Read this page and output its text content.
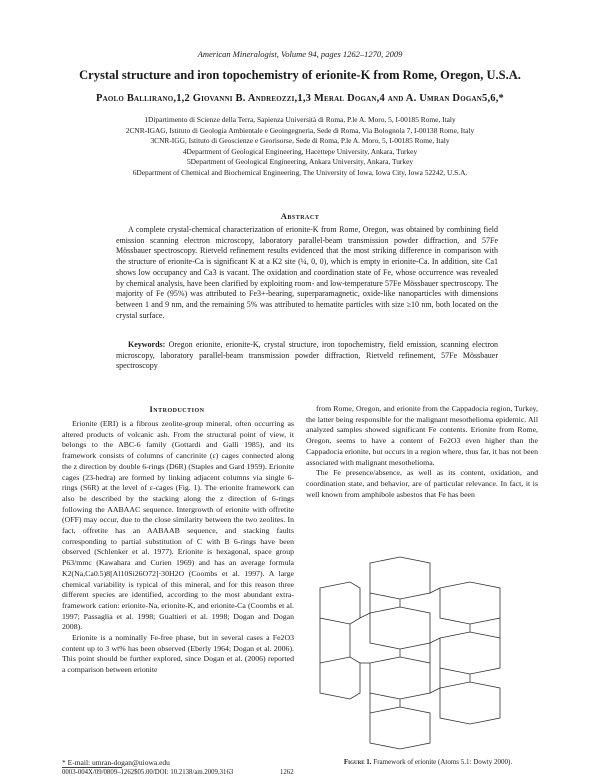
American Mineralogist, Volume 94, pages 1262–1270, 2009
Crystal structure and iron topochemistry of erionite-K from Rome, Oregon, U.S.A.
Paolo Ballirano,1,2 Giovanni B. Andreozzi,1,3 Meral Dogan,4 and A. Umran Dogan5,6,*
1Dipartimento di Scienze della Terra, Sapienza Università di Roma, P.le A. Moro, 5, I-00185 Rome, Italy
2CNR-IGAG, Istituto di Geologia Ambientale e Geoingegneria, Sede di Roma, Via Bolognola 7, I-00138 Rome, Italy
3CNR-IGG, Istituto di Geoscienze e Georisorse, Sede di Roma, P.le A. Moro, 5, I-00185 Rome, Italy
4Department of Geological Engineering, Hacettepe University, Ankara, Turkey
5Department of Geological Engineering, Ankara University, Ankara, Turkey
6Department of Chemical and Biochemical Engineering, The University of Iowa, Iowa City, Iowa 52242, U.S.A.
Abstract

A complete crystal-chemical characterization of erionite-K from Rome, Oregon, was obtained by combining field emission scanning electron microscopy, laboratory parallel-beam transmission powder diffraction, and 57Fe Mössbauer spectroscopy. Rietveld refinement results evidenced that the most striking difference in comparison with the structure of erionite-Ca is significant K at a K2 site (¼, 0, 0), which is empty in erionite-Ca. In addition, site Ca1 shows low occupancy and Ca3 is vacant. The oxidation and coordination state of Fe, whose occurrence was revealed by chemical analysis, have been clarified by exploiting room- and low-temperature 57Fe Mössbauer spectroscopy. The majority of Fe (95%) was attributed to Fe3+-bearing, superparamagnetic, oxide-like nanoparticles with dimensions between 1 and 9 nm, and the remaining 5% was attributed to hematite particles with size ≥10 nm, both located on the crystal surface.

Keywords: Oregon erionite, erionite-K, crystal structure, iron topochemistry, field emission, scanning electron microscopy, laboratory parallel-beam transmission powder diffraction, Rietveld refinement, 57Fe Mössbauer spectroscopy

Introduction

Erionite (ERI) is a fibrous zeolite-group mineral, often occurring as altered products of volcanic ash. From the structural point of view, it belongs to the ABC-6 family (Gottardi and Galli 1985), and its framework consists of columns of cancrinite (ε) cages connected along the z direction by double 6-rings (D6R) (Staples and Gard 1959). Erionite cages (23-hedra) are formed by linking adjacent columns via single 6-rings (S6R) at the level of ε-cages (Fig. 1). The erionite framework can also be described by the stacking along the z direction of 6-rings following the AABAAC sequence. Intergrowth of erionite with offretite (OFF) may occur, due to the close similarity between the two zeolites. In fact, offretite has an AABAAB sequence, and stacking faults corresponding to partial substitution of C with B 6-rings have been observed (Schlenker et al. 1977). Erionite is hexagonal, space group P63/mmc (Kawahara and Curien 1969) and has an average formula K2(Na,Ca0.5)8[Al10Si26O72]·30H2O (Coombs et al. 1997). A large chemical variability is typical of this mineral, and for this reason three different species are identified, according to the most abundant extra-framework cation: erionite-Na, erionite-K, and erionite-Ca (Coombs et al. 1997; Passaglia et al. 1998; Gualtieri et al. 1998; Dogan and Dogan 2008).

Erionite is a nominally Fe-free phase, but in several cases a Fe2O3 content up to 3 wt% has been observed (Eberly 1964; Dogan et al. 2006). This point should be further explored, since Dogan et al. (2006) reported a comparison between erionite

from Rome, Oregon, and erionite from the Cappadocia region, Turkey, the latter being responsible for the malignant mesothelioma epidemic. All analyzed samples showed significant Fe contents. Erionite from Rome, Oregon, seems to have a content of Fe2O3 even higher than the Cappadocia erionite, but occurs in a region where, thus far, it has not been associated with malignant mesothelioma.

The Fe presence/absence, as well as its content, oxidation, and coordination state, and behavior, are of particular relevance. In fact, it is well known from amphibole asbestos that Fe has been

* E-mail: umran-dogan@uiowa.edu
0003-004X/09/0809–1262$05.00/DOI: 10.2138/am.2009.3163	1262
Figure 1. Framework of erionite (Atoms 5.1: Dowty 2000).
